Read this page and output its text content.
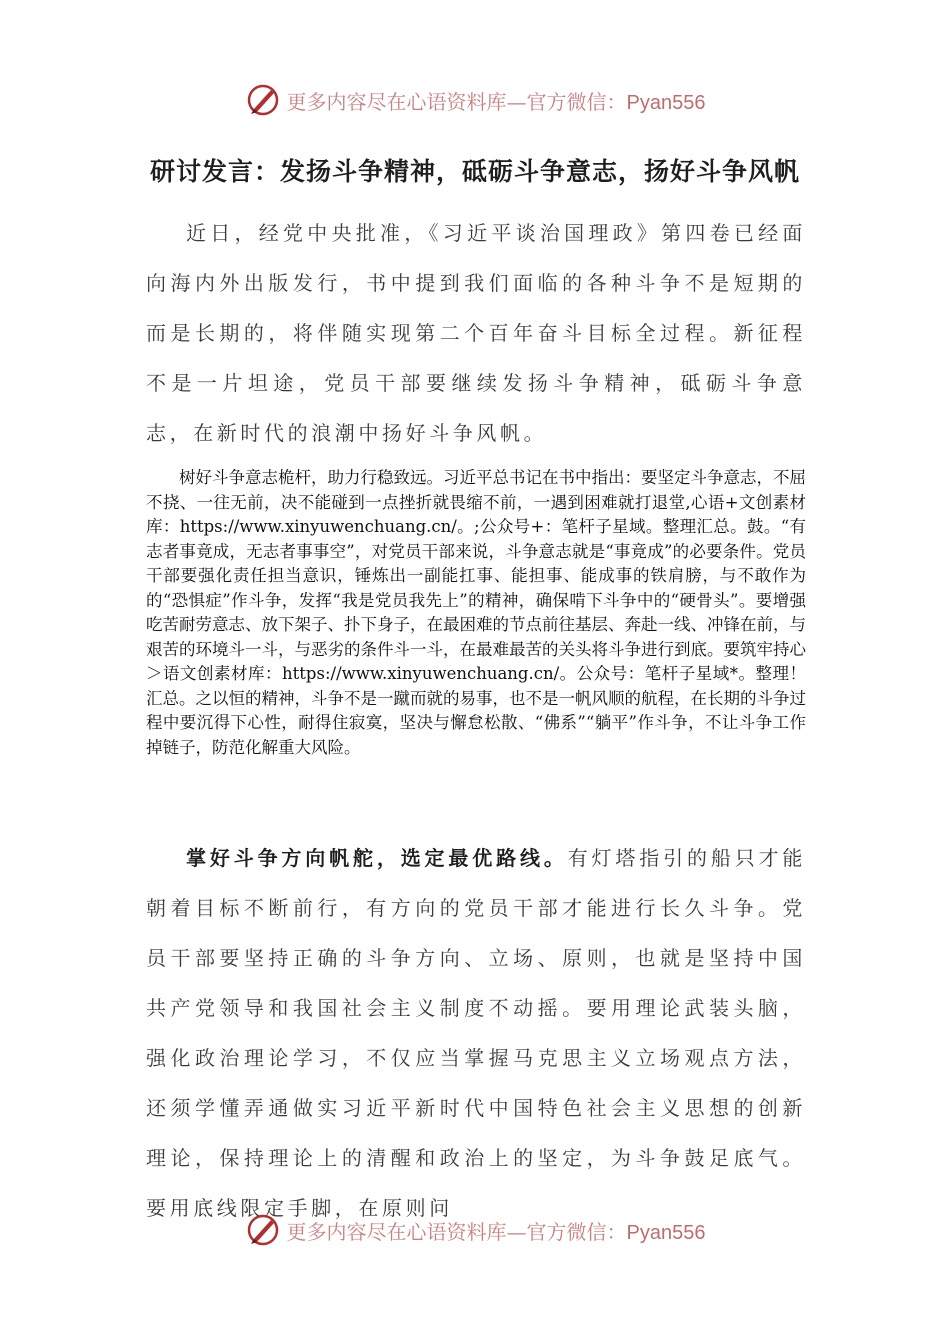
更多内容尽在心语资料库—官方微信：Pyan556
研讨发言：发扬斗争精神，砥砺斗争意志，扬好斗争风帆

近日，经党中央批准，《习近平谈治国理政》第四卷已经面向海内外出版发行，书中提到我们面临的各种斗争不是短期的而是长期的，将伴随实现第二个百年奋斗目标全过程。新征程不是一片坦途，党员干部要继续发扬斗争精神，砥砺斗争意志，在新时代的浪潮中扬好斗争风帆。

树好斗争意志桅杆，助力行稳致远。习近平总书记在书中指出：要坚定斗争意志，不屈不挠、一往无前，决不能碰到一点挫折就畏缩不前，一遇到困难就打退堂,心语+文创素材库：https://www.xinyuwenchuang.cn/。;公众号+：笔杆子星域。整理汇总。鼓。“有志者事竟成，无志者事事空”，对党员干部来说，斗争意志就是“事竟成”的必要条件。党员干部要强化责任担当意识，锤炼出一副能扛事、能担事、能成事的铁肩膀，与不敢作为的“恐惧症”作斗争，发挥“我是党员我先上”的精神，确保啃下斗争中的“硬骨头”。要增强吃苦耐劳意志、放下架子、扑下身子，在最困难的节点前往基层、奔赴一线、冲锋在前，与艰苦的环境斗一斗，与恶劣的条件斗一斗，在最难最苦的关头将斗争进行到底。要筑牢持心＞语文创素材库：https://www.xinyuwenchuang.cn/。公众号：笔杆子星域*。整理！汇总。之以恒的精神，斗争不是一蹴而就的易事，也不是一帆风顺的航程，在长期的斗争过程中要沉得下心性，耐得住寂寞，坚决与懈怠松散、“佛系”“躺平”作斗争，不让斗争工作掉链子，防范化解重大风险。

掌好斗争方向帆舵，选定最优路线。有灯塔指引的船只才能朝着目标不断前行，有方向的党员干部才能进行长久斗争。党员干部要坚持正确的斗争方向、立场、原则，也就是坚持中国共产党领导和我国社会主义制度不动摇。要用理论武装头脑，强化政治理论学习，不仅应当掌握马克思主义立场观点方法，还须学懂弄通做实习近平新时代中国特色社会主义思想的创新理论，保持理论上的清醒和政治上的坚定，为斗争鼓足底气。要用底线限定手脚，在原则问

更多内容尽在心语资料库—官方微信：Pyan556
